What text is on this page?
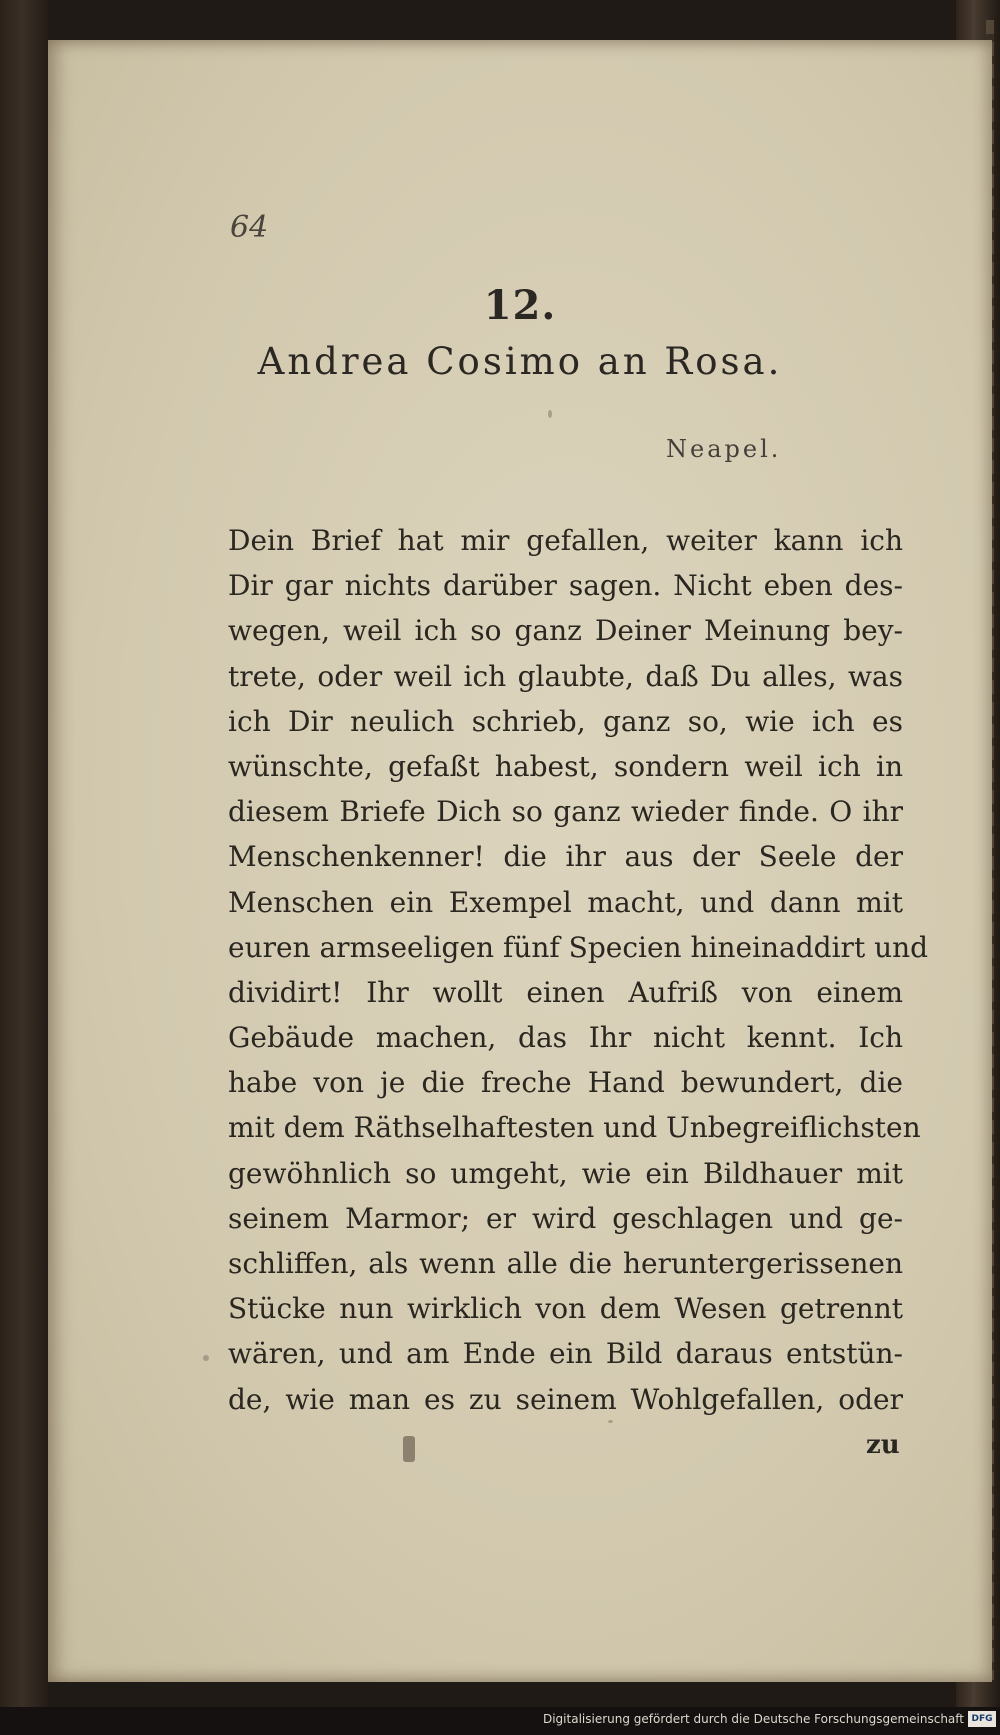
64
12.
Andrea Cosimo an Rosa.
Neapel.
Dein Brief hat mir gefallen, weiter kann ich
Dir gar nichts darüber sagen. Nicht eben des-
wegen, weil ich so ganz Deiner Meinung bey-
trete, oder weil ich glaubte, daß Du alles, was
ich Dir neulich schrieb, ganz so, wie ich es
wünschte, gefaßt habest, sondern weil ich in
diesem Briefe Dich so ganz wieder finde. O ihr
Menschenkenner! die ihr aus der Seele der
Menschen ein Exempel macht, und dann mit
euren armseeligen fünf Specien hineinaddirt und
dividirt! Ihr wollt einen Aufriß von einem
Gebäude machen, das Ihr nicht kennt. Ich
habe von je die freche Hand bewundert, die
mit dem Räthselhaftesten und Unbegreiflichsten
gewöhnlich so umgeht, wie ein Bildhauer mit
seinem Marmor; er wird geschlagen und ge-
schliffen, als wenn alle die heruntergerissenen
Stücke nun wirklich von dem Wesen getrennt
wären, und am Ende ein Bild daraus entstün-
de, wie man es zu seinem Wohlgefallen, oder
zu
Digitalisierung gefördert durch die Deutsche Forschungsgemeinschaft DFG
